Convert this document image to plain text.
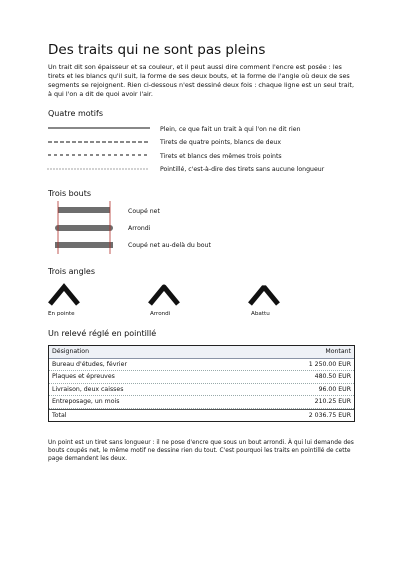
Des traits qui ne sont pas pleins

Un trait dit son épaisseur et sa couleur, et il peut aussi dire comment l'encre est posée : les tirets et les blancs qu'il suit, la forme de ses deux bouts, et la forme de l'angle où deux de ses segments se rejoignent. Rien ci-dessous n'est dessiné deux fois : chaque ligne est un seul trait, à qui l'on a dit de quoi avoir l'air.

Quatre motifs
Plein, ce que fait un trait à qui l'on ne dit rien
Tirets de quatre points, blancs de deux
Tirets et blancs des mêmes trois points
Pointillé, c'est-à-dire des tirets sans aucune longueur
Trois bouts
Coupé net
Arrondi
Coupé net au-delà du bout
Trois angles
En pointe	Arrondi	Abattu
Un relevé réglé en pointillé
Désignation	Montant
Bureau d'études, février	1 250.00 EUR
Plaques et épreuves	480.50 EUR
Livraison, deux caisses	96.00 EUR
Entreposage, un mois	210.25 EUR
Total	2 036.75 EUR

Un point est un tiret sans longueur : il ne pose d'encre que sous un bout arrondi. À qui lui demande des bouts coupés net, le même motif ne dessine rien du tout. C'est pourquoi les traits en pointillé de cette page demandent les deux.
